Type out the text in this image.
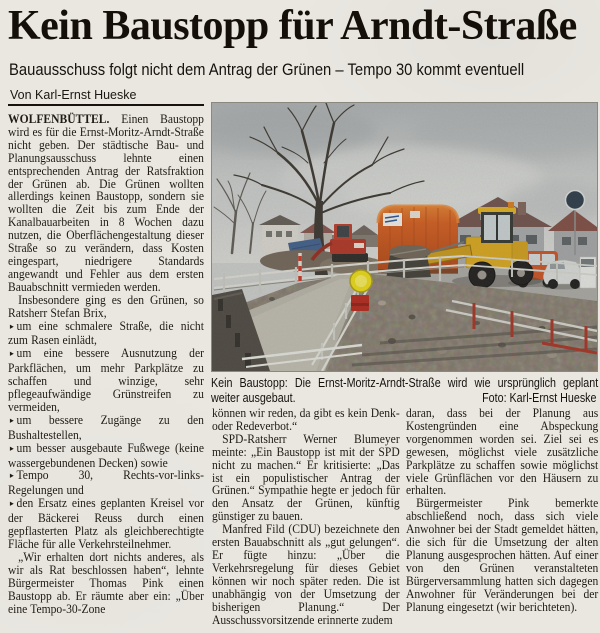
Kein Baustopp für Arndt-Straße
Bauausschuss folgt nicht dem Antrag der Grünen – Tempo 30 kommt eventuell
Von Karl-Ernst Hueske

WOLFENBÜTTEL. Einen Baustopp wird es für die Ernst-Moritz-Arndt-Straße nicht geben. Der städtische Bau- und Planungsausschuss lehnte einen entsprechenden Antrag der Ratsfraktion der Grünen ab. Die Grünen wollten allerdings keinen Baustopp, sondern sie wollten die Zeit bis zum Ende der Kanalbauarbeiten in 8 Wochen dazu nutzen, die Oberflächengestaltung dieser Straße so zu verändern, dass Kosten eingespart, niedrigere Standards angewandt und Fehler aus dem ersten Bauabschnitt vermieden werden.

Insbesondere ging es den Grünen, so Ratsherr Stefan Brix,

▸ um eine schmalere Straße, die nicht zum Rasen einlädt,

▸ um eine bessere Ausnutzung der Parkflächen, um mehr Parkplätze zu schaffen und winzige, sehr pflegeaufwändige Grünstreifen zu vermeiden,

▸ um bessere Zugänge zu den Bushaltestellen,

▸ um besser ausgebaute Fußwege (keine wassergebundenen Decken) sowie

▸ Tempo 30, Rechts-vor-links-Regelungen und

▸ den Ersatz eines geplanten Kreisel vor der Bäckerei Reuss durch einen gepflasterten Platz als gleichberechtigte Fläche für alle Verkehrsteilnehmer.

„Wir erhalten dort nichts anderes, als wir als Rat beschlossen haben“, lehnte Bürgermeister Thomas Pink einen Baustopp ab. Er räumte aber ein: „Über eine Tempo-30-Zone

Kein Baustopp: Die Ernst-Moritz-Arndt-Straße wird wie ursprünglich geplant weiter ausgebaut.	Foto: Karl-Ernst Hueske

können wir reden, da gibt es kein Denk- oder Redeverbot.“

SPD-Ratsherr Werner Blumeyer meinte: „Ein Baustopp ist mit der SPD nicht zu machen.“ Er kritisierte: „Das ist ein populistischer Antrag der Grünen.“ Sympathie hegte er jedoch für den Ansatz der Grünen, künftig günstiger zu bauen.

Manfred Fild (CDU) bezeichnete den ersten Bauabschnitt als „gut gelungen“. Er fügte hinzu: „Über die Verkehrsregelung für dieses Gebiet können wir noch später reden. Die ist unabhängig von der Umsetzung der bisherigen Planung.“ Der Ausschussvorsitzende erinnerte zudem

daran, dass bei der Planung aus Kostengründen eine Abspeckung vorgenommen worden sei. Ziel sei es gewesen, möglichst viele zusätzliche Parkplätze zu schaffen sowie möglichst viele Grünflächen vor den Häusern zu erhalten.

Bürgermeister Pink bemerkte abschließend noch, dass sich viele Anwohner bei der Stadt gemeldet hätten, die sich für die Umsetzung der alten Planung ausgesprochen hätten. Auf einer von den Grünen veranstalteten Bürgerversammlung hatten sich dagegen Anwohner für Veränderungen bei der Planung eingesetzt (wir berichteten).
